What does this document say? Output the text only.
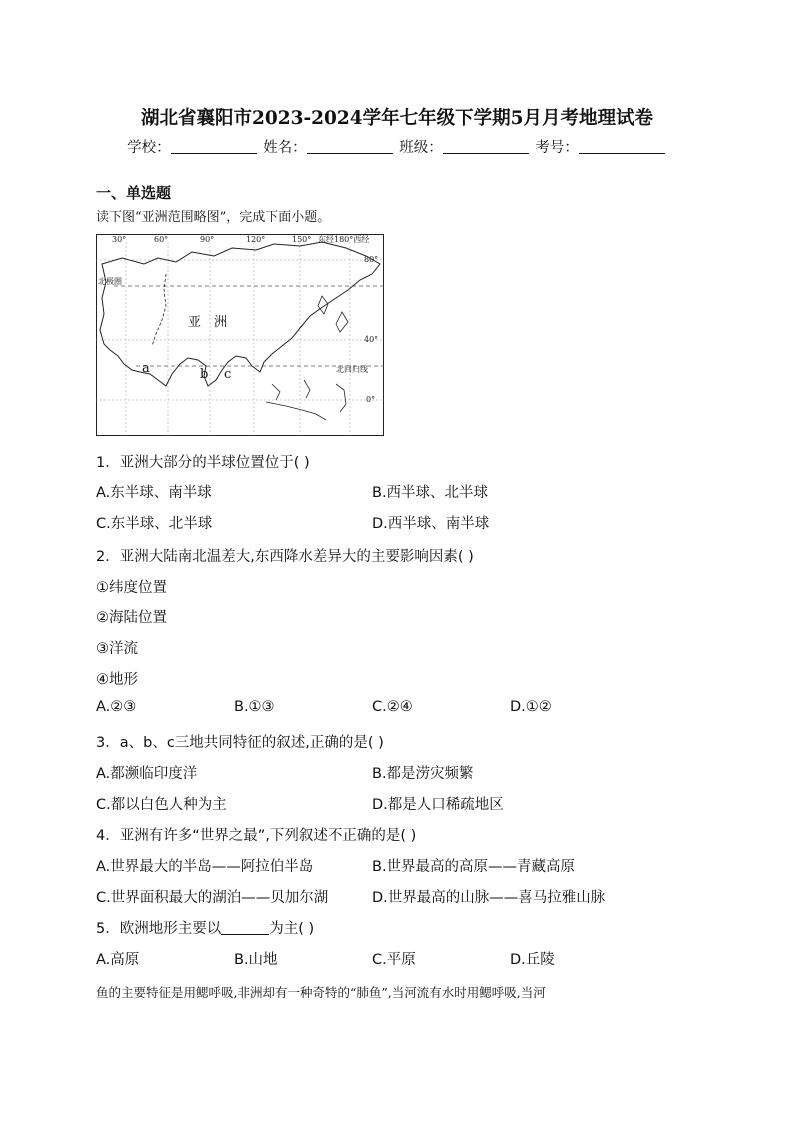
湖北省襄阳市2023-2024学年七年级下学期5月月考地理试卷
学校：	姓名：	班级：	考号：
一、单选题
读下图“亚洲范围略图”，完成下面小题。
30°	60°	90°	120°	150° 东经180°西经
80°
40°
0°
北极圈
北回归线
亚　洲
a	b c
1．亚洲大部分的半球位置位于( )
A.东半球、南半球	B.西半球、北半球
C.东半球、北半球	D.西半球、南半球
2．亚洲大陆南北温差大,东西降水差异大的主要影响因素( )
①纬度位置
②海陆位置
③洋流
④地形
A.②③	B.①③	C.②④	D.①②
3．a、b、c三地共同特征的叙述,正确的是( )
A.都濒临印度洋	B.都是涝灾频繁
C.都以白色人种为主	D.都是人口稀疏地区
4．亚洲有许多“世界之最”,下列叙述不正确的是( )
A.世界最大的半岛——阿拉伯半岛	B.世界最高的高原——青藏高原
C.世界面积最大的湖泊——贝加尔湖	D.世界最高的山脉——喜马拉雅山脉
5．欧洲地形主要以	为主( )
A.高原	B.山地	C.平原	D.丘陵
鱼的主要特征是用鳃呼吸,非洲却有一种奇特的“肺鱼”,当河流有水时用鳃呼吸,当河
